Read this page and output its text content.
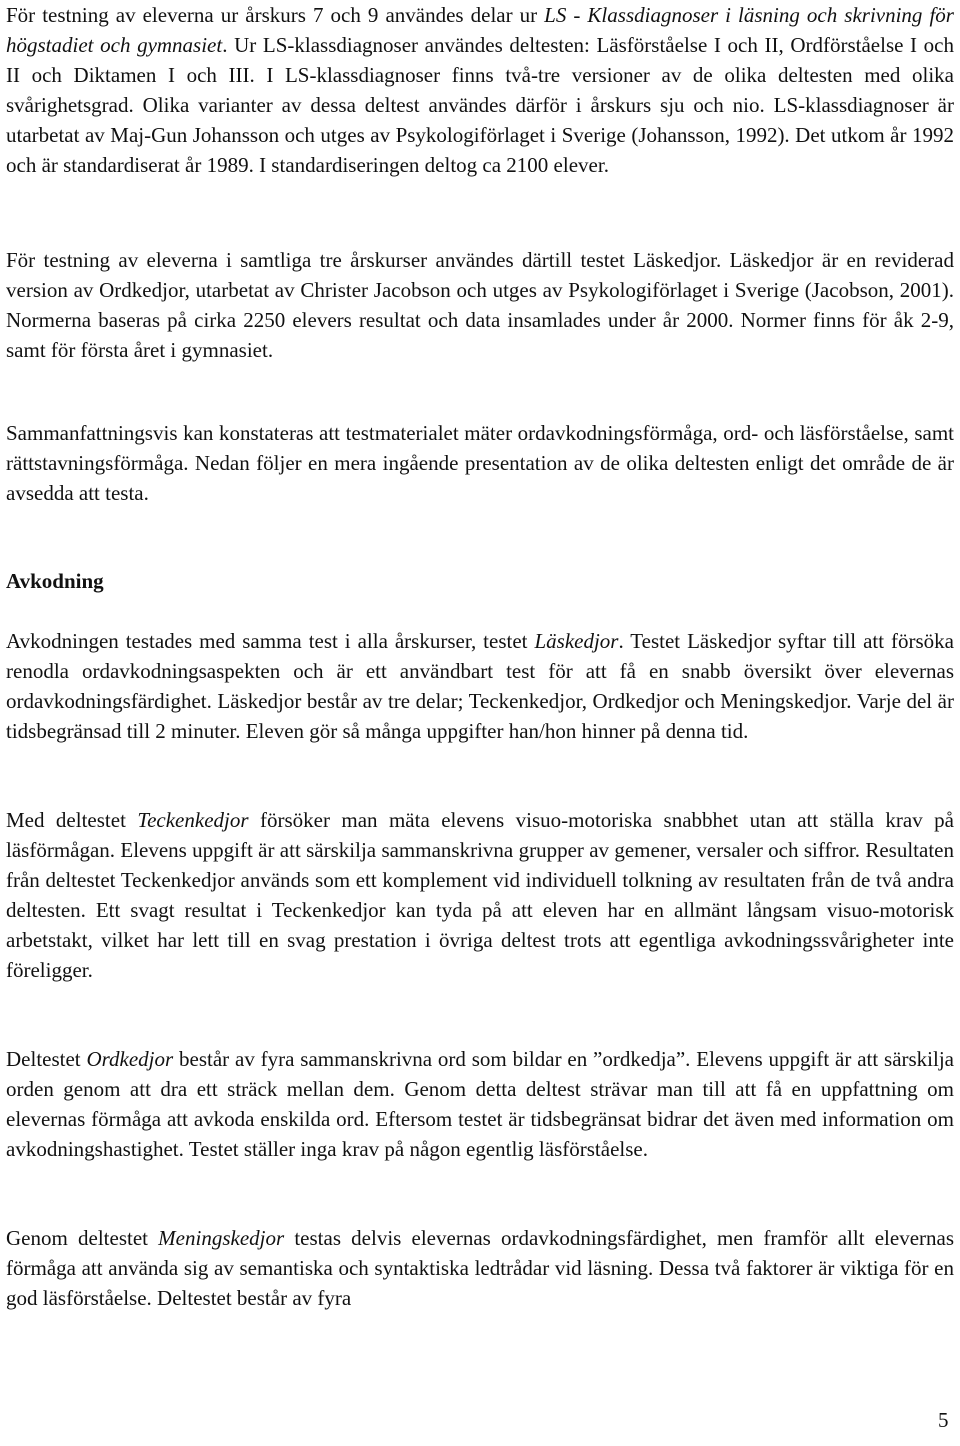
För testning av eleverna ur årskurs 7 och 9 användes delar ur LS - Klassdiagnoser i läsning och skrivning för högstadiet och gymnasiet. Ur LS-klassdiagnoser användes deltesten: Läsförståelse I och II, Ordförståelse I och II och Diktamen I och III. I LS-klassdiagnoser finns två-tre versioner av de olika deltesten med olika svårighetsgrad. Olika varianter av dessa deltest användes därför i årskurs sju och nio. LS-klassdiagnoser är utarbetat av Maj-Gun Johansson och utges av Psykologiförlaget i Sverige (Johansson, 1992). Det utkom år 1992 och är standardiserat år 1989. I standardiseringen deltog ca 2100 elever.

För testning av eleverna i samtliga tre årskurser användes därtill testet Läskedjor. Läskedjor är en reviderad version av Ordkedjor, utarbetat av Christer Jacobson och utges av Psykologiförlaget i Sverige (Jacobson, 2001). Normerna baseras på cirka 2250 elevers resultat och data insamlades under år 2000. Normer finns för åk 2-9, samt för första året i gymnasiet.

Sammanfattningsvis kan konstateras att testmaterialet mäter ordavkodningsförmåga, ord- och läsförståelse, samt rättstavningsförmåga. Nedan följer en mera ingående presentation av de olika deltesten enligt det område de är avsedda att testa.

Avkodning

Avkodningen testades med samma test i alla årskurser, testet Läskedjor. Testet Läskedjor syftar till att försöka renodla ordavkodningsaspekten och är ett användbart test för att få en snabb översikt över elevernas ordavkodningsfärdighet. Läskedjor består av tre delar; Teckenkedjor, Ordkedjor och Meningskedjor. Varje del är tidsbegränsad till 2 minuter. Eleven gör så många uppgifter han/hon hinner på denna tid.

Med deltestet Teckenkedjor försöker man mäta elevens visuo-motoriska snabbhet utan att ställa krav på läsförmågan. Elevens uppgift är att särskilja sammanskrivna grupper av gemener, versaler och siffror. Resultaten från deltestet Teckenkedjor används som ett komplement vid individuell tolkning av resultaten från de två andra deltesten. Ett svagt resultat i Teckenkedjor kan tyda på att eleven har en allmänt långsam visuo-motorisk arbetstakt, vilket har lett till en svag prestation i övriga deltest trots att egentliga avkodningssvårigheter inte föreligger.

Deltestet Ordkedjor består av fyra sammanskrivna ord som bildar en ”ordkedja”. Elevens uppgift är att särskilja orden genom att dra ett sträck mellan dem. Genom detta deltest strävar man till att få en uppfattning om elevernas förmåga att avkoda enskilda ord. Eftersom testet är tidsbegränsat bidrar det även med information om avkodningshastighet. Testet ställer inga krav på någon egentlig läsförståelse.

Genom deltestet Meningskedjor testas delvis elevernas ordavkodningsfärdighet, men framför allt elevernas förmåga att använda sig av semantiska och syntaktiska ledtrådar vid läsning. Dessa två faktorer är viktiga för en god läsförståelse. Deltestet består av fyra

5
